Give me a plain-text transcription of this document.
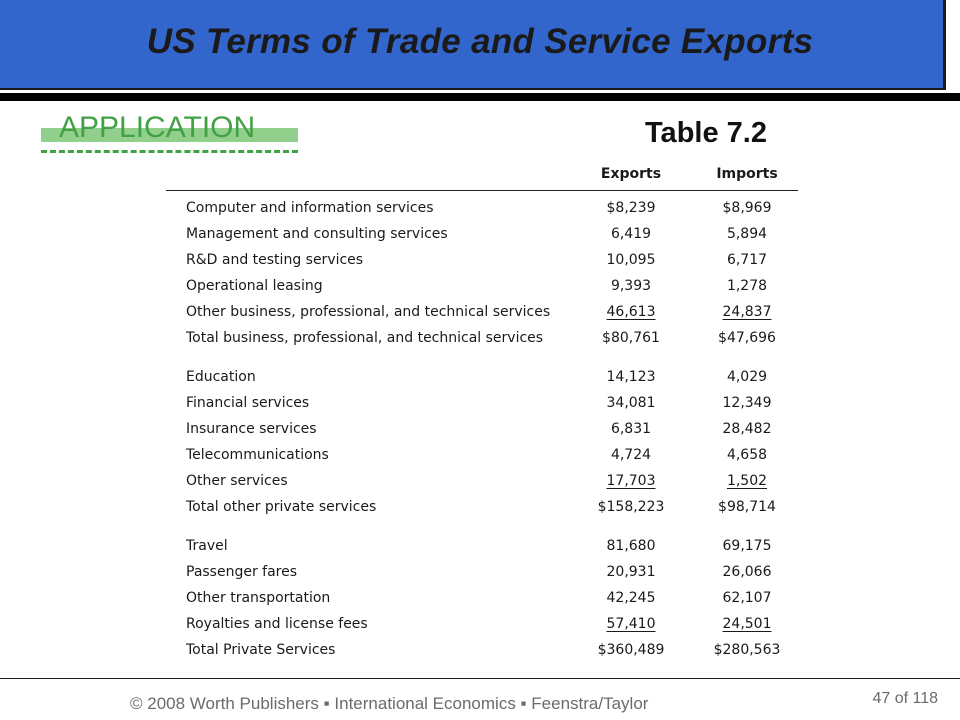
US Terms of Trade and Service Exports
APPLICATION	Table 7.2
Exports	Imports
Computer and information services	$8,239	$8,969
Management and consulting services	6,419	5,894
R&D and testing services	10,095	6,717
Operational leasing	9,393	1,278
Other business, professional, and technical services	46,613	24,837
Total business, professional, and technical services	$80,761	$47,696
Education	14,123	4,029
Financial services	34,081	12,349
Insurance services	6,831	28,482
Telecommunications	4,724	4,658
Other services	17,703	1,502
Total other private services	$158,223	$98,714
Travel	81,680	69,175
Passenger fares	20,931	26,066
Other transportation	42,245	62,107
Royalties and license fees	57,410	24,501
Total Private Services	$360,489	$280,563
© 2008 Worth Publishers ▪ International Economics ▪ Feenstra/Taylor	47 of 118
